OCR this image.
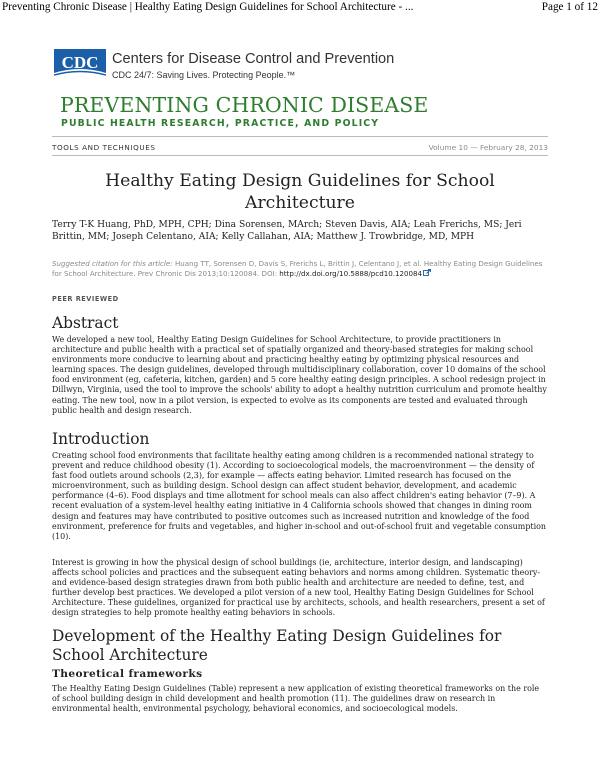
Preventing Chronic Disease | Healthy Eating Design Guidelines for School Architecture - ...	Page 1 of 12
CDC Centers for Disease Control and Prevention
CDC 24/7: Saving Lives. Protecting People.™
PREVENTING CHRONIC DISEASE
PUBLIC HEALTH RESEARCH, PRACTICE, AND POLICY
TOOLS AND TECHNIQUES	Volume 10 — February 28, 2013
Healthy Eating Design Guidelines for School Architecture
Terry T-K Huang, PhD, MPH, CPH; Dina Sorensen, MArch; Steven Davis, AIA; Leah Frerichs, MS; Jeri Brittin, MM; Joseph Celentano, AIA; Kelly Callahan, AIA; Matthew J. Trowbridge, MD, MPH
Suggested citation for this article: Huang TT, Sorensen D, Davis S, Frerichs L, Brittin J, Celentano J, et al. Healthy Eating Design Guidelines for School Architecture. Prev Chronic Dis 2013;10:120084. DOI: http://dx.doi.org/10.5888/pcd10.120084
PEER REVIEWED
Abstract
We developed a new tool, Healthy Eating Design Guidelines for School Architecture, to provide practitioners in architecture and public health with a practical set of spatially organized and theory-based strategies for making school environments more conducive to learning about and practicing healthy eating by optimizing physical resources and learning spaces. The design guidelines, developed through multidisciplinary collaboration, cover 10 domains of the school food environment (eg, cafeteria, kitchen, garden) and 5 core healthy eating design principles. A school redesign project in Dillwyn, Virginia, used the tool to improve the schools' ability to adopt a healthy nutrition curriculum and promote healthy eating. The new tool, now in a pilot version, is expected to evolve as its components are tested and evaluated through public health and design research.
Introduction
Creating school food environments that facilitate healthy eating among children is a recommended national strategy to prevent and reduce childhood obesity (1). According to socioecological models, the macroenvironment — the density of fast food outlets around schools (2,3), for example — affects eating behavior. Limited research has focused on the microenvironment, such as building design. School design can affect student behavior, development, and academic performance (4–6). Food displays and time allotment for school meals can also affect children's eating behavior (7–9). A recent evaluation of a system-level healthy eating initiative in 4 California schools showed that changes in dining room design and features may have contributed to positive outcomes such as increased nutrition and knowledge of the food environment, preference for fruits and vegetables, and higher in-school and out-of-school fruit and vegetable consumption (10).
Interest is growing in how the physical design of school buildings (ie, architecture, interior design, and landscaping) affects school policies and practices and the subsequent eating behaviors and norms among children. Systematic theory- and evidence-based design strategies drawn from both public health and architecture are needed to define, test, and further develop best practices. We developed a pilot version of a new tool, Healthy Eating Design Guidelines for School Architecture. These guidelines, organized for practical use by architects, schools, and health researchers, present a set of design strategies to help promote healthy eating behaviors in schools.
Development of the Healthy Eating Design Guidelines for School Architecture
Theoretical frameworks
The Healthy Eating Design Guidelines (Table) represent a new application of existing theoretical frameworks on the role of school building design in child development and health promotion (11). The guidelines draw on research in environmental health, environmental psychology, behavioral economics, and socioecological models.
